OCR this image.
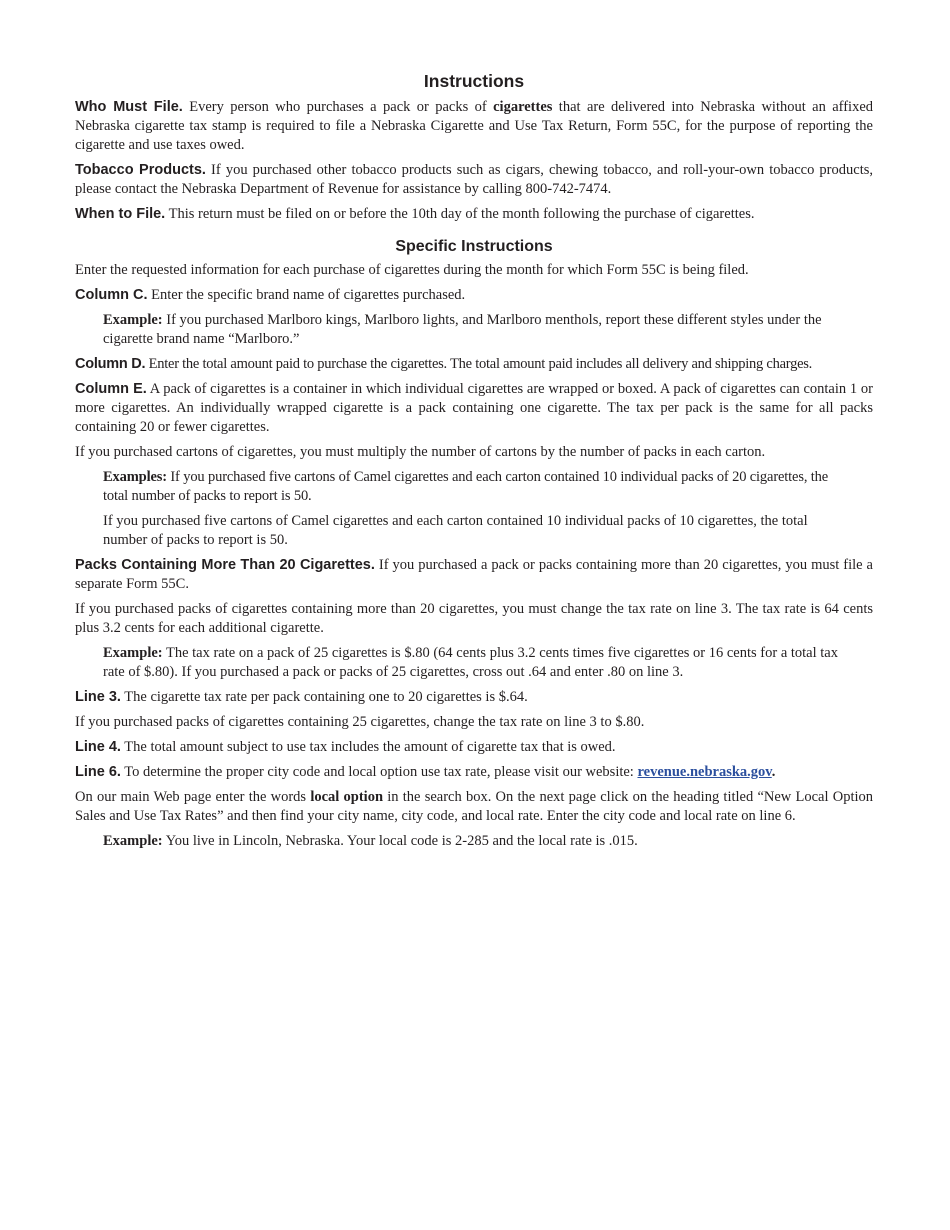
Instructions

Who Must File. Every person who purchases a pack or packs of cigarettes that are delivered into Nebraska without an affixed Nebraska cigarette tax stamp is required to file a Nebraska Cigarette and Use Tax Return, Form 55C, for the purpose of reporting the cigarette and use taxes owed.

Tobacco Products. If you purchased other tobacco products such as cigars, chewing tobacco, and roll-your-own tobacco products, please contact the Nebraska Department of Revenue for assistance by calling 800-742-7474.

When to File. This return must be filed on or before the 10th day of the month following the purchase of cigarettes.

Specific Instructions

Enter the requested information for each purchase of cigarettes during the month for which Form 55C is being filed.

Column C. Enter the specific brand name of cigarettes purchased.

Example: If you purchased Marlboro kings, Marlboro lights, and Marlboro menthols, report these different styles under the cigarette brand name “Marlboro.”

Column D. Enter the total amount paid to purchase the cigarettes. The total amount paid includes all delivery and shipping charges.

Column E. A pack of cigarettes is a container in which individual cigarettes are wrapped or boxed. A pack of cigarettes can contain 1 or more cigarettes. An individually wrapped cigarette is a pack containing one cigarette. The tax per pack is the same for all packs containing 20 or fewer cigarettes.

If you purchased cartons of cigarettes, you must multiply the number of cartons by the number of packs in each carton.

Examples: If you purchased five cartons of Camel cigarettes and each carton contained 10 individual packs of 20 cigarettes, the total number of packs to report is 50.

If you purchased five cartons of Camel cigarettes and each carton contained 10 individual packs of 10 cigarettes, the total number of packs to report is 50.

Packs Containing More Than 20 Cigarettes. If you purchased a pack or packs containing more than 20 cigarettes, you must file a separate Form 55C.

If you purchased packs of cigarettes containing more than 20 cigarettes, you must change the tax rate on line 3. The tax rate is 64 cents plus 3.2 cents for each additional cigarette.

Example: The tax rate on a pack of 25 cigarettes is $.80 (64 cents plus 3.2 cents times five cigarettes or 16 cents for a total tax rate of $.80). If you purchased a pack or packs of 25 cigarettes, cross out .64 and enter .80 on line 3.

Line 3. The cigarette tax rate per pack containing one to 20 cigarettes is $.64.

If you purchased packs of cigarettes containing 25 cigarettes, change the tax rate on line 3 to $.80.

Line 4. The total amount subject to use tax includes the amount of cigarette tax that is owed.

Line 6. To determine the proper city code and local option use tax rate, please visit our website: revenue.nebraska.gov.

On our main Web page enter the words local option in the search box. On the next page click on the heading titled “New Local Option Sales and Use Tax Rates” and then find your city name, city code, and local rate. Enter the city code and local rate on line 6.

Example: You live in Lincoln, Nebraska. Your local code is 2-285 and the local rate is .015.
